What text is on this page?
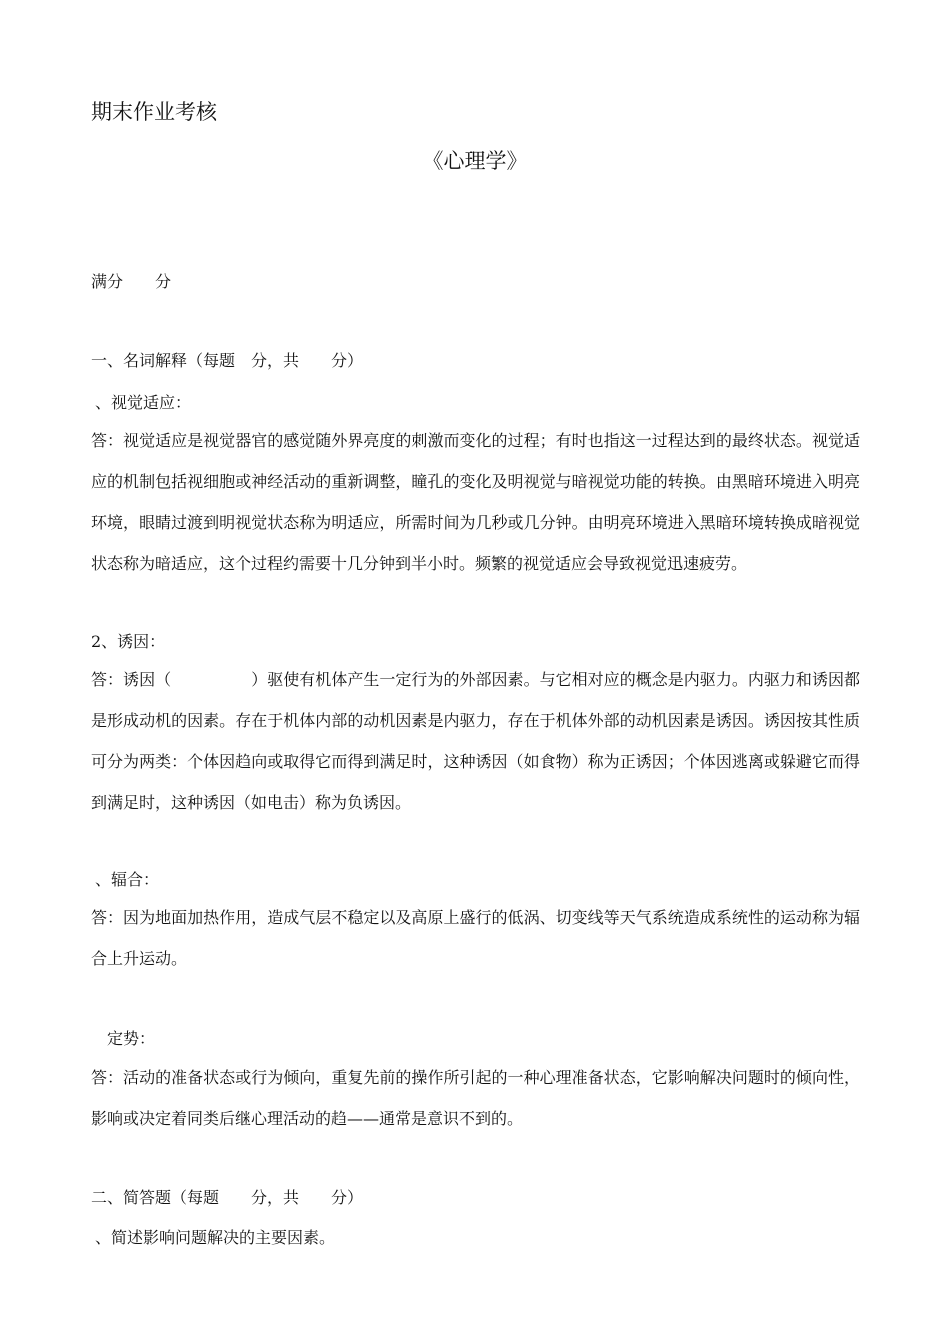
期末作业考核
《心理学》
满分　　分
一、名词解释（每题　分，共　　分）
、视觉适应：
答：视觉适应是视觉器官的感觉随外界亮度的刺激而变化的过程；有时也指这一过程达到的最终状态。视觉适应的机制包括视细胞或神经活动的重新调整，瞳孔的变化及明视觉与暗视觉功能的转换。由黑暗环境进入明亮环境，眼睛过渡到明视觉状态称为明适应，所需时间为几秒或几分钟。由明亮环境进入黑暗环境转换成暗视觉状态称为暗适应，这个过程约需要十几分钟到半小时。频繁的视觉适应会导致视觉迅速疲劳。
2、诱因：
答：诱因（　　　　　）驱使有机体产生一定行为的外部因素。与它相对应的概念是内驱力。内驱力和诱因都是形成动机的因素。存在于机体内部的动机因素是内驱力，存在于机体外部的动机因素是诱因。诱因按其性质可分为两类：个体因趋向或取得它而得到满足时，这种诱因（如食物）称为正诱因；个体因逃离或躲避它而得到满足时，这种诱因（如电击）称为负诱因。
、辐合：
答：因为地面加热作用，造成气层不稳定以及高原上盛行的低涡、切变线等天气系统造成系统性的运动称为辐合上升运动。
定势：
答：活动的准备状态或行为倾向，重复先前的操作所引起的一种心理准备状态，它影响解决问题时的倾向性，影响或决定着同类后继心理活动的趋——通常是意识不到的。
二、简答题（每题　　分，共　　分）
、简述影响问题解决的主要因素。
